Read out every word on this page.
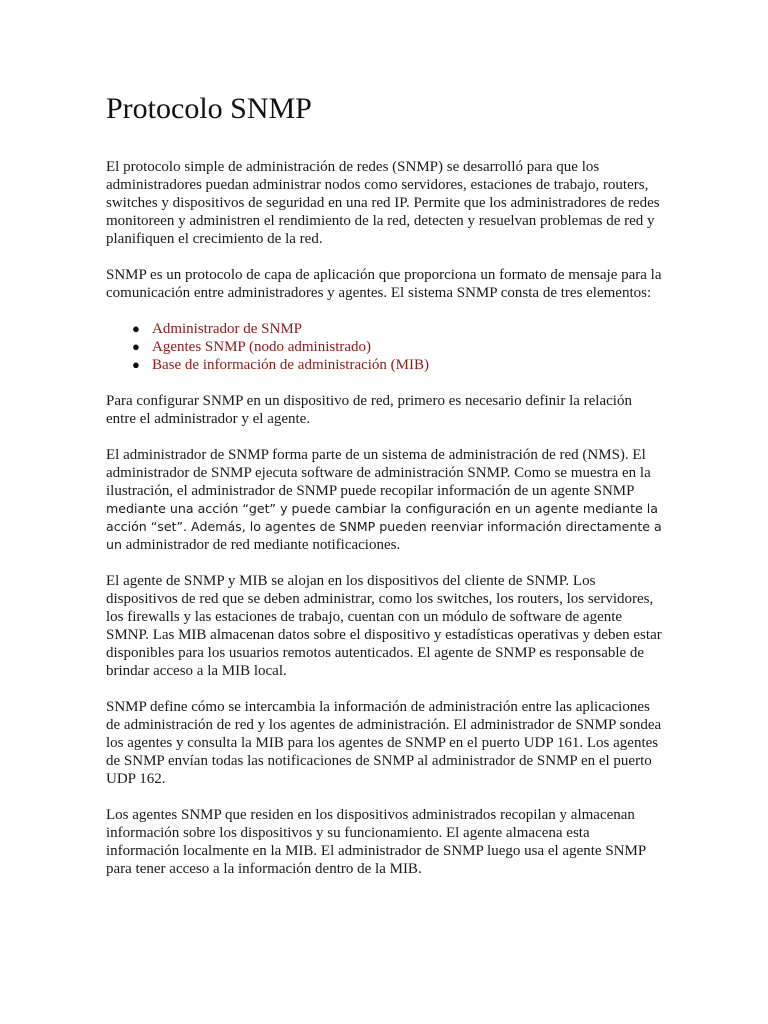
Protocolo SNMP

El protocolo simple de administración de redes (SNMP) se desarrolló para que los administradores puedan administrar nodos como servidores, estaciones de trabajo, routers, switches y dispositivos de seguridad en una red IP. Permite que los administradores de redes monitoreen y administren el rendimiento de la red, detecten y resuelvan problemas de red y planifiquen el crecimiento de la red.

SNMP es un protocolo de capa de aplicación que proporciona un formato de mensaje para la comunicación entre administradores y agentes. El sistema SNMP consta de tres elementos:

● Administrador de SNMP
● Agentes SNMP (nodo administrado)
● Base de información de administración (MIB)

Para configurar SNMP en un dispositivo de red, primero es necesario definir la relación entre el administrador y el agente.

El administrador de SNMP forma parte de un sistema de administración de red (NMS). El administrador de SNMP ejecuta software de administración SNMP. Como se muestra en la ilustración, el administrador de SNMP puede recopilar información de un agente SNMP mediante una acción “get” y puede cambiar la configuración en un agente mediante la acción “set”. Además, lo agentes de SNMP pueden reenviar información directamente a un administrador de red mediante notificaciones.

El agente de SNMP y MIB se alojan en los dispositivos del cliente de SNMP. Los dispositivos de red que se deben administrar, como los switches, los routers, los servidores, los firewalls y las estaciones de trabajo, cuentan con un módulo de software de agente SMNP. Las MIB almacenan datos sobre el dispositivo y estadísticas operativas y deben estar disponibles para los usuarios remotos autenticados. El agente de SNMP es responsable de brindar acceso a la MIB local.

SNMP define cómo se intercambia la información de administración entre las aplicaciones de administración de red y los agentes de administración. El administrador de SNMP sondea los agentes y consulta la MIB para los agentes de SNMP en el puerto UDP 161. Los agentes de SNMP envían todas las notificaciones de SNMP al administrador de SNMP en el puerto UDP 162.

Los agentes SNMP que residen en los dispositivos administrados recopilan y almacenan información sobre los dispositivos y su funcionamiento. El agente almacena esta información localmente en la MIB. El administrador de SNMP luego usa el agente SNMP para tener acceso a la información dentro de la MIB.
